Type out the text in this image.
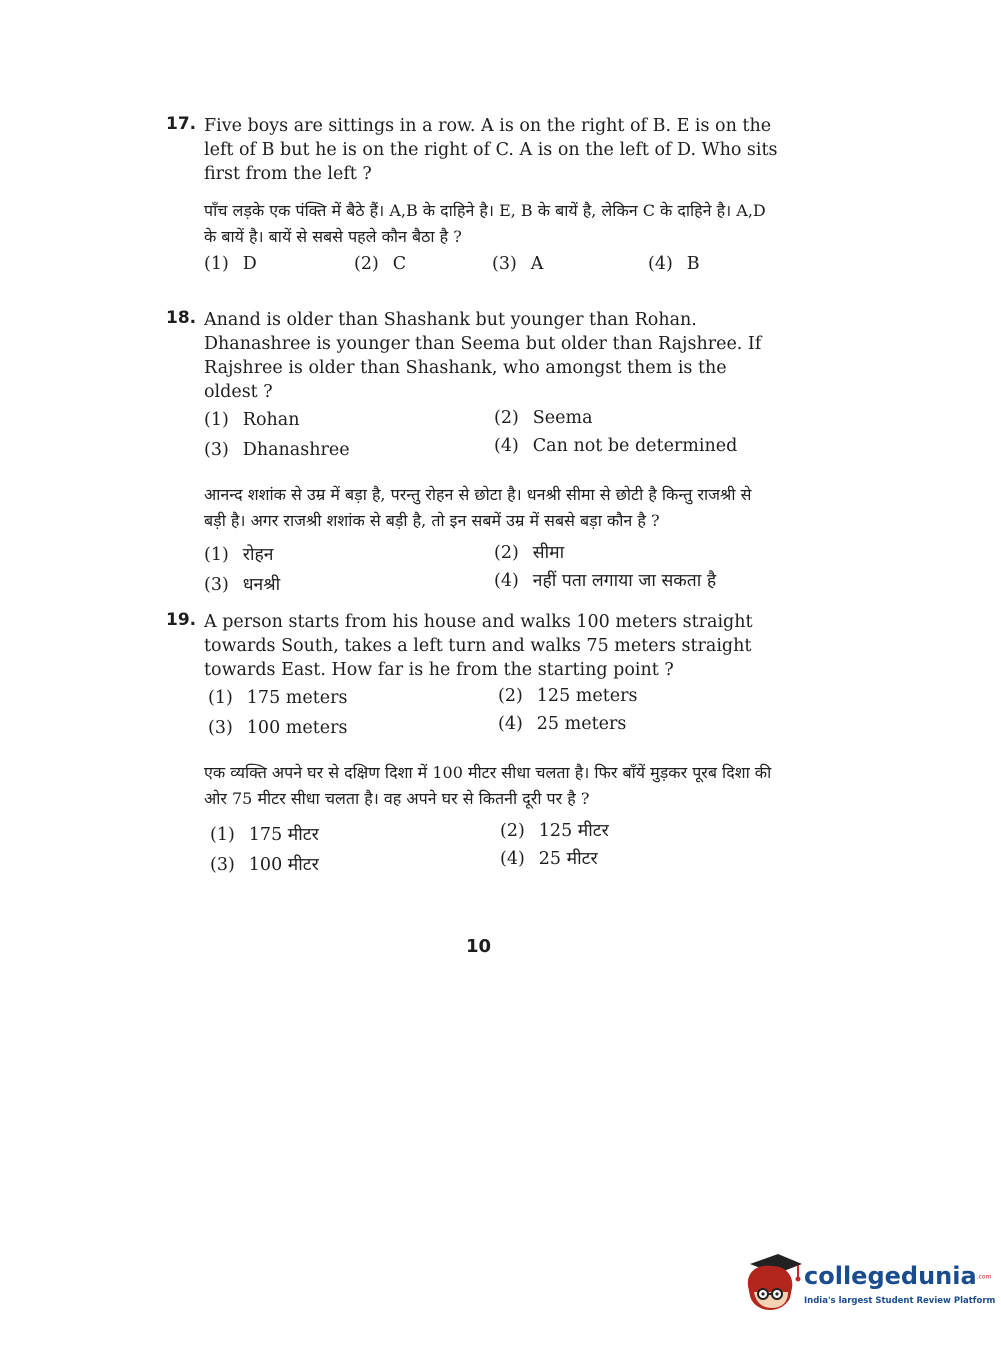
17. Five boys are sittings in a row. A is on the right of B. E is on the left of B but he is on the right of C. A is on the left of D. Who sits first from the left ?
पाँच लड़के एक पंक्ति में बैठे हैं। A,B के दाहिने है। E, B के बायें है, लेकिन C के दाहिने है। A,D के बायें है। बायें से सबसे पहले कौन बैठा है ?
(1) D	(2) C	(3) A	(4) B
18. Anand is older than Shashank but younger than Rohan. Dhanashree is younger than Seema but older than Rajshree. If Rajshree is older than Shashank, who amongst them is the oldest ?
(1) Rohan	(2) Seema
(3) Dhanashree	(4) Can not be determined
आनन्द शशांक से उम्र में बड़ा है, परन्तु रोहन से छोटा है। धनश्री सीमा से छोटी है किन्तु राजश्री से बड़ी है। अगर राजश्री शशांक से बड़ी है, तो इन सबमें उम्र में सबसे बड़ा कौन है ?
(1) रोहन	(2) सीमा
(3) धनश्री	(4) नहीं पता लगाया जा सकता है
19. A person starts from his house and walks 100 meters straight towards South, takes a left turn and walks 75 meters straight towards East. How far is he from the starting point ?
(1) 175 meters	(2) 125 meters
(3) 100 meters	(4) 25 meters
एक व्यक्ति अपने घर से दक्षिण दिशा में 100 मीटर सीधा चलता है। फिर बाँयें मुड़कर पूरब दिशा की ओर 75 मीटर सीधा चलता है। वह अपने घर से कितनी दूरी पर है ?
(1) 175 मीटर	(2) 125 मीटर
(3) 100 मीटर	(4) 25 मीटर
10
collegedunia.com
India's largest Student Review Platform
